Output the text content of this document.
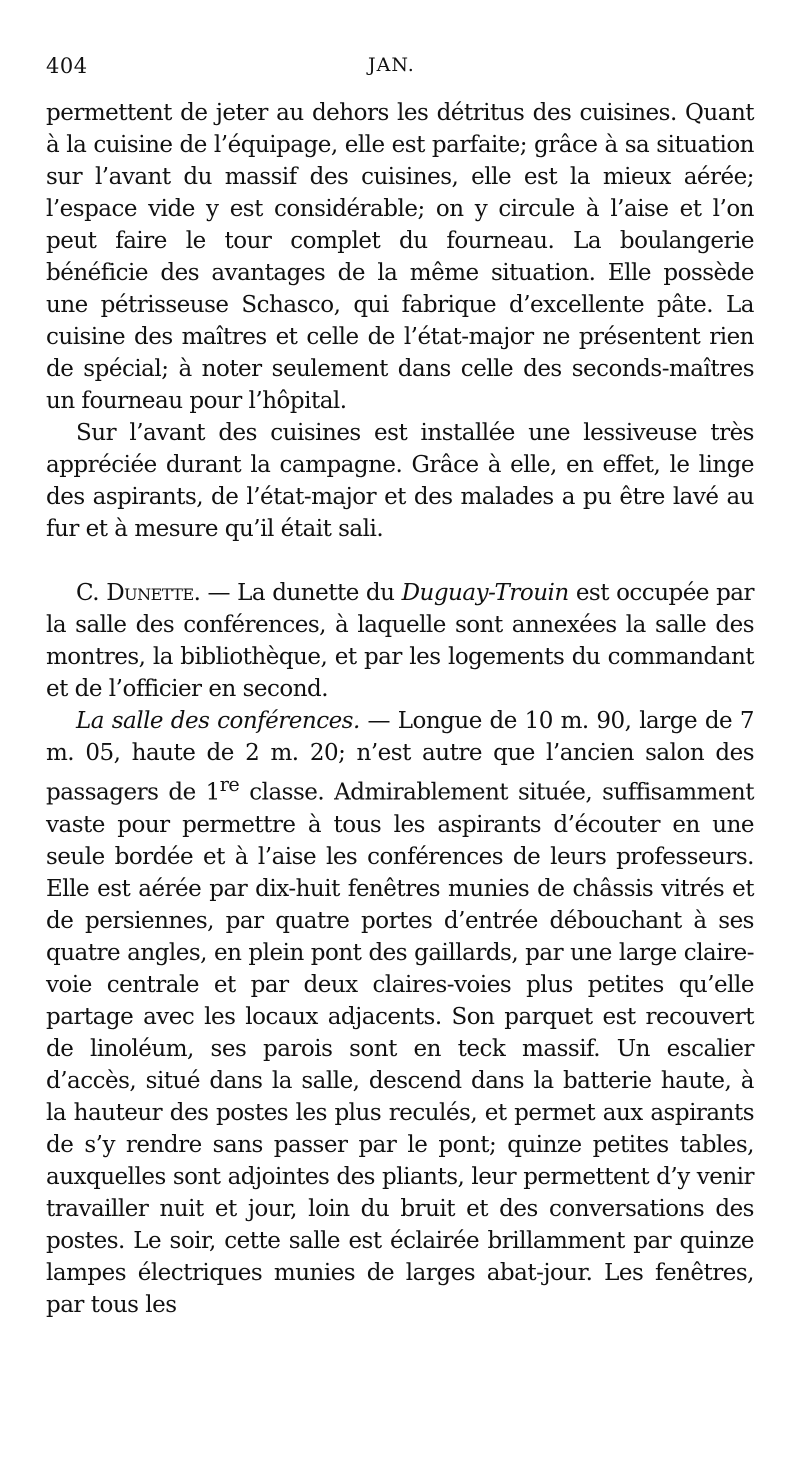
404	JAN.

permettent de jeter au dehors les détritus des cuisines. Quant à la cuisine de l’équipage, elle est parfaite; grâce à sa situation sur l’avant du massif des cuisines, elle est la mieux aérée; l’espace vide y est considérable; on y circule à l’aise et l’on peut faire le tour complet du fourneau. La boulangerie bénéficie des avantages de la même situation. Elle possède une pétrisseuse Schasco, qui fabrique d’excellente pâte. La cuisine des maîtres et celle de l’état-major ne présentent rien de spécial; à noter seulement dans celle des seconds-maîtres un fourneau pour l’hôpital.

Sur l’avant des cuisines est installée une lessiveuse très appréciée durant la campagne. Grâce à elle, en effet, le linge des aspirants, de l’état-major et des malades a pu être lavé au fur et à mesure qu’il était sali.

C. Dunette. — La dunette du Duguay-Trouin est occupée par la salle des conférences, à laquelle sont annexées la salle des montres, la bibliothèque, et par les logements du commandant et de l’officier en second.

La salle des conférences. — Longue de 10 m. 90, large de 7 m. 05, haute de 2 m. 20; n’est autre que l’ancien salon des passagers de 1re classe. Admirablement située, suffisamment vaste pour permettre à tous les aspirants d’écouter en une seule bordée et à l’aise les conférences de leurs professeurs. Elle est aérée par dix-huit fenêtres munies de châssis vitrés et de persiennes, par quatre portes d’entrée débouchant à ses quatre angles, en plein pont des gaillards, par une large claire-voie centrale et par deux claires-voies plus petites qu’elle partage avec les locaux adjacents. Son parquet est recouvert de linoléum, ses parois sont en teck massif. Un escalier d’accès, situé dans la salle, descend dans la batterie haute, à la hauteur des postes les plus reculés, et permet aux aspirants de s’y rendre sans passer par le pont; quinze petites tables, auxquelles sont adjointes des pliants, leur permettent d’y venir travailler nuit et jour, loin du bruit et des conversations des postes. Le soir, cette salle est éclairée brillamment par quinze lampes électriques munies de larges abat-jour. Les fenêtres, par tous les
